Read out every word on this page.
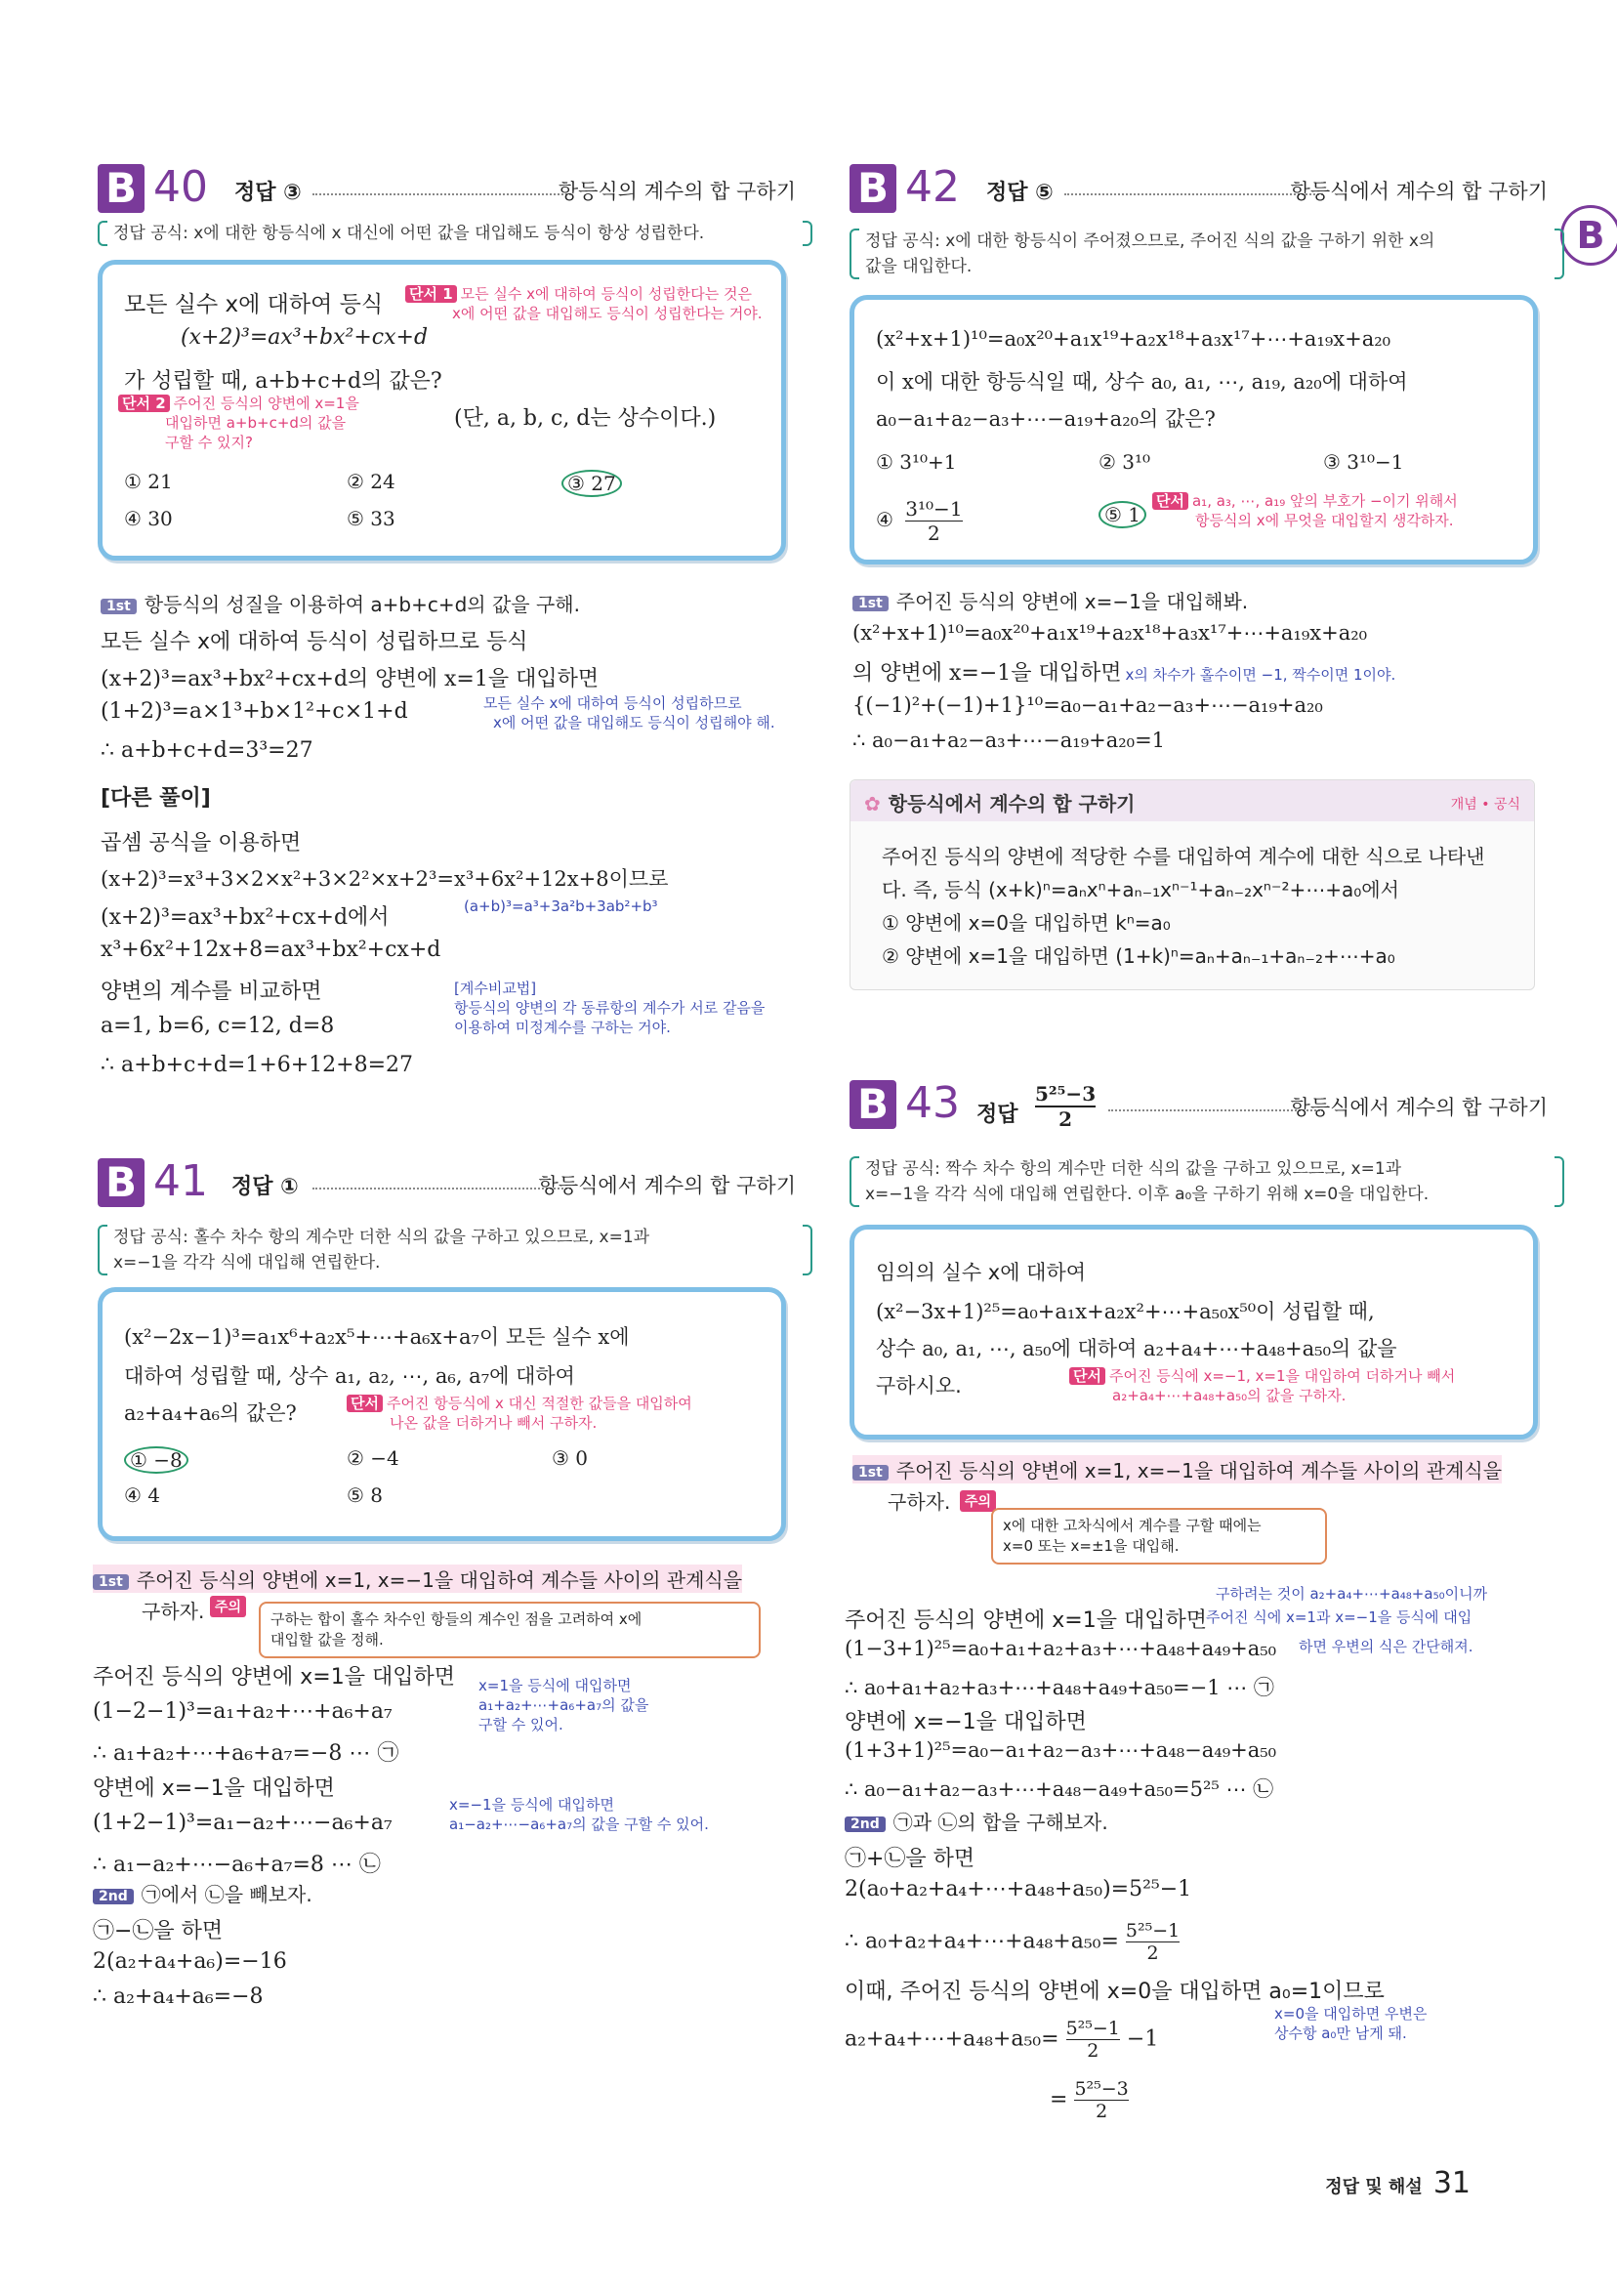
B
B 40 정답 ③	항등식의 계수의 합 구하기
정답 공식: x에 대한 항등식에 x 대신에 어떤 값을 대입해도 등식이 항상 성립한다.
모든 실수 x에 대하여 등식 단서 1 모든 실수 x에 대하여 등식이 성립한다는 것은
x에 어떤 값을 대입해도 등식이 성립한다는 거야.
(x+2)³=ax³+bx²+cx+d
가 성립할 때, a+b+c+d의 값은?
단서 2 주어진 등식의 양변에 x=1을
대입하면 a+b+c+d의 값을
구할 수 있지?
(단, a, b, c, d는 상수이다.)
① 21	② 24	③ 27
④ 30	⑤ 33
1st 항등식의 성질을 이용하여 a+b+c+d의 값을 구해.
모든 실수 x에 대하여 등식이 성립하므로 등식
(x+2)³=ax³+bx²+cx+d의 양변에 x=1을 대입하면
(1+2)³=a×1³+b×1²+c×1+d	모든 실수 x에 대하여 등식이 성립하므로
x에 어떤 값을 대입해도 등식이 성립해야 해.
∴ a+b+c+d=3³=27
[다른 풀이]
곱셈 공식을 이용하면
(x+2)³=x³+3×2×x²+3×2²×x+2³=x³+6x²+12x+8이므로
(x+2)³=ax³+bx²+cx+d에서	(a+b)³=a³+3a²b+3ab²+b³
x³+6x²+12x+8=ax³+bx²+cx+d
양변의 계수를 비교하면	[계수비교법]
항등식의 양변의 각 동류항의 계수가 서로 같음을
이용하여 미정계수를 구하는 거야.
a=1, b=6, c=12, d=8
∴ a+b+c+d=1+6+12+8=27
B 41 정답 ①	항등식에서 계수의 합 구하기
정답 공식: 홀수 차수 항의 계수만 더한 식의 값을 구하고 있으므로, x=1과
x=−1을 각각 식에 대입해 연립한다.
(x²−2x−1)³=a₁x⁶+a₂x⁵+⋯+a₆x+a₇이 모든 실수 x에
대하여 성립할 때, 상수 a₁, a₂, ⋯, a₆, a₇에 대하여
a₂+a₄+a₆의 값은?	단서 주어진 항등식에 x 대신 적절한 값들을 대입하여
나온 값을 더하거나 빼서 구하자.
① −8	② −4	③ 0
④ 4	⑤ 8
1st 주어진 등식의 양변에 x=1, x=−1을 대입하여 계수들 사이의 관계식을
구하자. 주의
구하는 합이 홀수 차수인 항들의 계수인 점을 고려하여 x에
대입할 값을 정해.
주어진 등식의 양변에 x=1을 대입하면
(1−2−1)³=a₁+a₂+⋯+a₆+a₇
x=1을 등식에 대입하면
a₁+a₂+⋯+a₆+a₇의 값을
구할 수 있어.
∴ a₁+a₂+⋯+a₆+a₇=−8 ⋯ ㉠
양변에 x=−1을 대입하면
(1+2−1)³=a₁−a₂+⋯−a₆+a₇
x=−1을 등식에 대입하면
a₁−a₂+⋯−a₆+a₇의 값을 구할 수 있어.
∴ a₁−a₂+⋯−a₆+a₇=8 ⋯ ㉡
2nd ㉠에서 ㉡을 빼보자.
㉠−㉡을 하면
2(a₂+a₄+a₆)=−16
∴ a₂+a₄+a₆=−8
B 42 정답 ⑤	항등식에서 계수의 합 구하기
정답 공식: x에 대한 항등식이 주어졌으므로, 주어진 식의 값을 구하기 위한 x의
값을 대입한다.
(x²+x+1)¹⁰=a₀x²⁰+a₁x¹⁹+a₂x¹⁸+a₃x¹⁷+⋯+a₁₉x+a₂₀
이 x에 대한 항등식일 때, 상수 a₀, a₁, ⋯, a₁₉, a₂₀에 대하여
a₀−a₁+a₂−a₃+⋯−a₁₉+a₂₀의 값은?
① 3¹⁰+1	② 3¹⁰	③ 3¹⁰−1
④ $\frac{\text{3¹⁰−1}}{2}$	⑤ 1
단서 a₁, a₃, ⋯, a₁₉ 앞의 부호가 −이기 위해서
항등식의 x에 무엇을 대입할지 생각하자.
1st 주어진 등식의 양변에 x=−1을 대입해봐.
(x²+x+1)¹⁰=a₀x²⁰+a₁x¹⁹+a₂x¹⁸+a₃x¹⁷+⋯+a₁₉x+a₂₀
의 양변에 x=−1을 대입하면 x의 차수가 홀수이면 −1, 짝수이면 1이야.
{(−1)²+(−1)+1}¹⁰=a₀−a₁+a₂−a₃+⋯−a₁₉+a₂₀
∴ a₀−a₁+a₂−a₃+⋯−a₁₉+a₂₀=1
✿ 항등식에서 계수의 합 구하기	개념 • 공식
주어진 등식의 양변에 적당한 수를 대입하여 계수에 대한 식으로 나타낸
다. 즉, 등식 (x+k)ⁿ=aₙxⁿ+aₙ₋₁xⁿ⁻¹+aₙ₋₂xⁿ⁻²+⋯+a₀에서
① 양변에 x=0을 대입하면 kⁿ=a₀
② 양변에 x=1을 대입하면 (1+k)ⁿ=aₙ+aₙ₋₁+aₙ₋₂+⋯+a₀
B 43 정답
5²⁵−3
2	항등식에서 계수의 합 구하기
정답 공식: 짝수 차수 항의 계수만 더한 식의 값을 구하고 있으므로, x=1과
x=−1을 각각 식에 대입해 연립한다. 이후 a₀을 구하기 위해 x=0을 대입한다.
임의의 실수 x에 대하여
(x²−3x+1)²⁵=a₀+a₁x+a₂x²+⋯+a₅₀x⁵⁰이 성립할 때,
상수 a₀, a₁, ⋯, a₅₀에 대하여 a₂+a₄+⋯+a₄₈+a₅₀의 값을
구하시오.	단서 주어진 등식에 x=−1, x=1을 대입하여 더하거나 빼서
a₂+a₄+⋯+a₄₈+a₅₀의 값을 구하자.
1st 주어진 등식의 양변에 x=1, x=−1을 대입하여 계수들 사이의 관계식을
구하자.	주의
x에 대한 고차식에서 계수를 구할 때에는
x=0 또는 x=±1을 대입해.
구하려는 것이 a₂+a₄+⋯+a₄₈+a₅₀이니까
주어진 등식의 양변에 x=1을 대입하면 주어진 식에 x=1과 x=−1을 등식에 대입
(1−3+1)²⁵=a₀+a₁+a₂+a₃+⋯+a₄₈+a₄₉+a₅₀ 하면 우변의 식은 간단해져.
∴ a₀+a₁+a₂+a₃+⋯+a₄₈+a₄₉+a₅₀=−1 ⋯ ㉠
양변에 x=−1을 대입하면
(1+3+1)²⁵=a₀−a₁+a₂−a₃+⋯+a₄₈−a₄₉+a₅₀
∴ a₀−a₁+a₂−a₃+⋯+a₄₈−a₄₉+a₅₀=5²⁵ ⋯ ㉡
2nd ㉠과 ㉡의 합을 구해보자.
㉠+㉡을 하면
2(a₀+a₂+a₄+⋯+a₄₈+a₅₀)=5²⁵−1
∴ a₀+a₂+a₄+⋯+a₄₈+a₅₀= $\frac{\text{5²⁵−1}}{2}$
이때, 주어진 등식의 양변에 x=0을 대입하면 a₀=1이므로
a₂+a₄+⋯+a₄₈+a₅₀= $\frac{\text{5²⁵−1}}{2} -1$
x=0을 대입하면 우변은
상수항 a₀만 남게 돼.
= $\frac{\text{5²⁵−3}}{2}$
정답 및 해설 31
